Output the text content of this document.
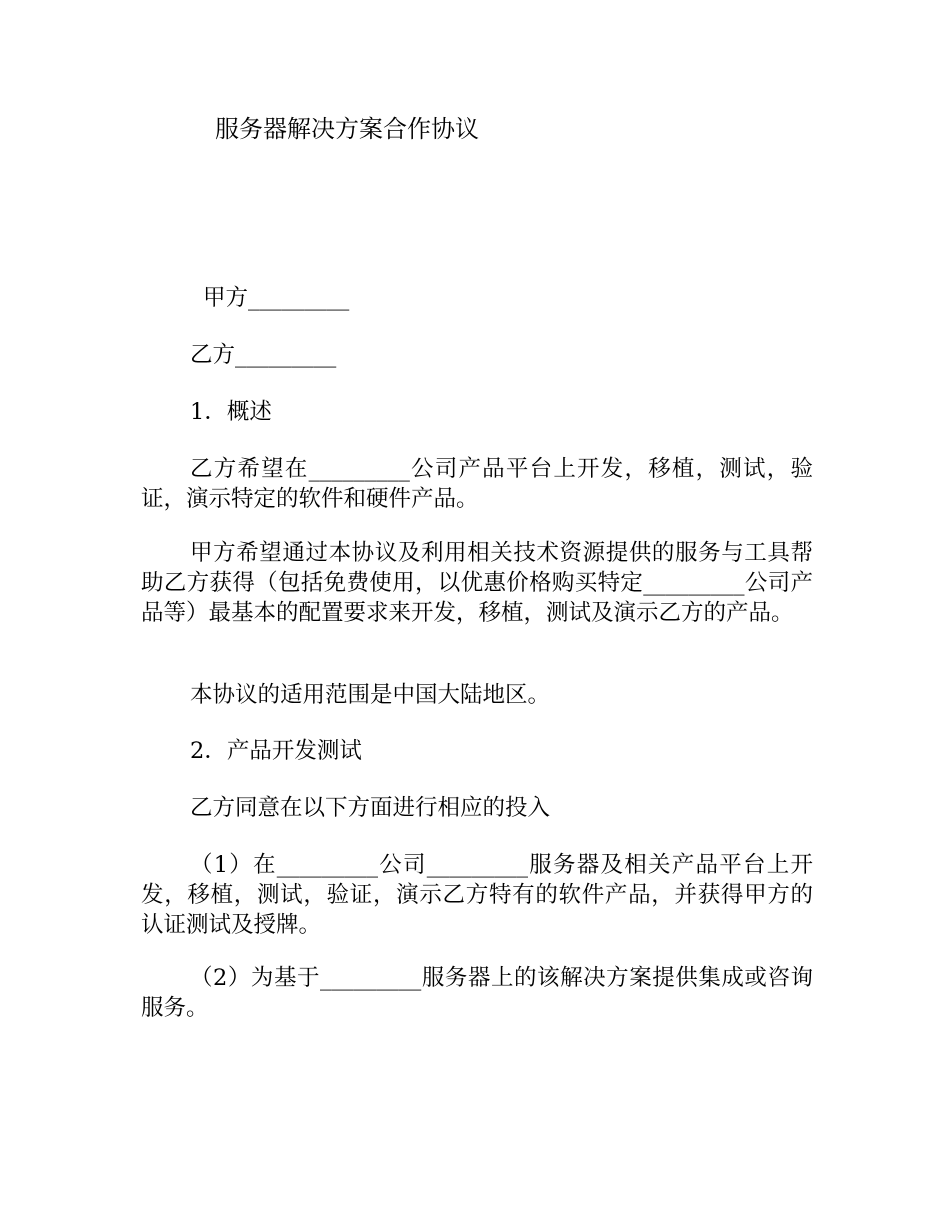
服务器解决方案合作协议
甲方_________
乙方_________
1．概述
乙方希望在_________公司产品平台上开发，移植，测试，验证，演示特定的软件和硬件产品。
甲方希望通过本协议及利用相关技术资源提供的服务与工具帮助乙方获得（包括免费使用，以优惠价格购买特定_________公司产品等）最基本的配置要求来开发，移植，测试及演示乙方的产品。
本协议的适用范围是中国大陆地区。
2．产品开发测试
乙方同意在以下方面进行相应的投入
（1）在_________公司_________服务器及相关产品平台上开发，移植，测试，验证，演示乙方特有的软件产品，并获得甲方的认证测试及授牌。
（2）为基于_________服务器上的该解决方案提供集成或咨询服务。
